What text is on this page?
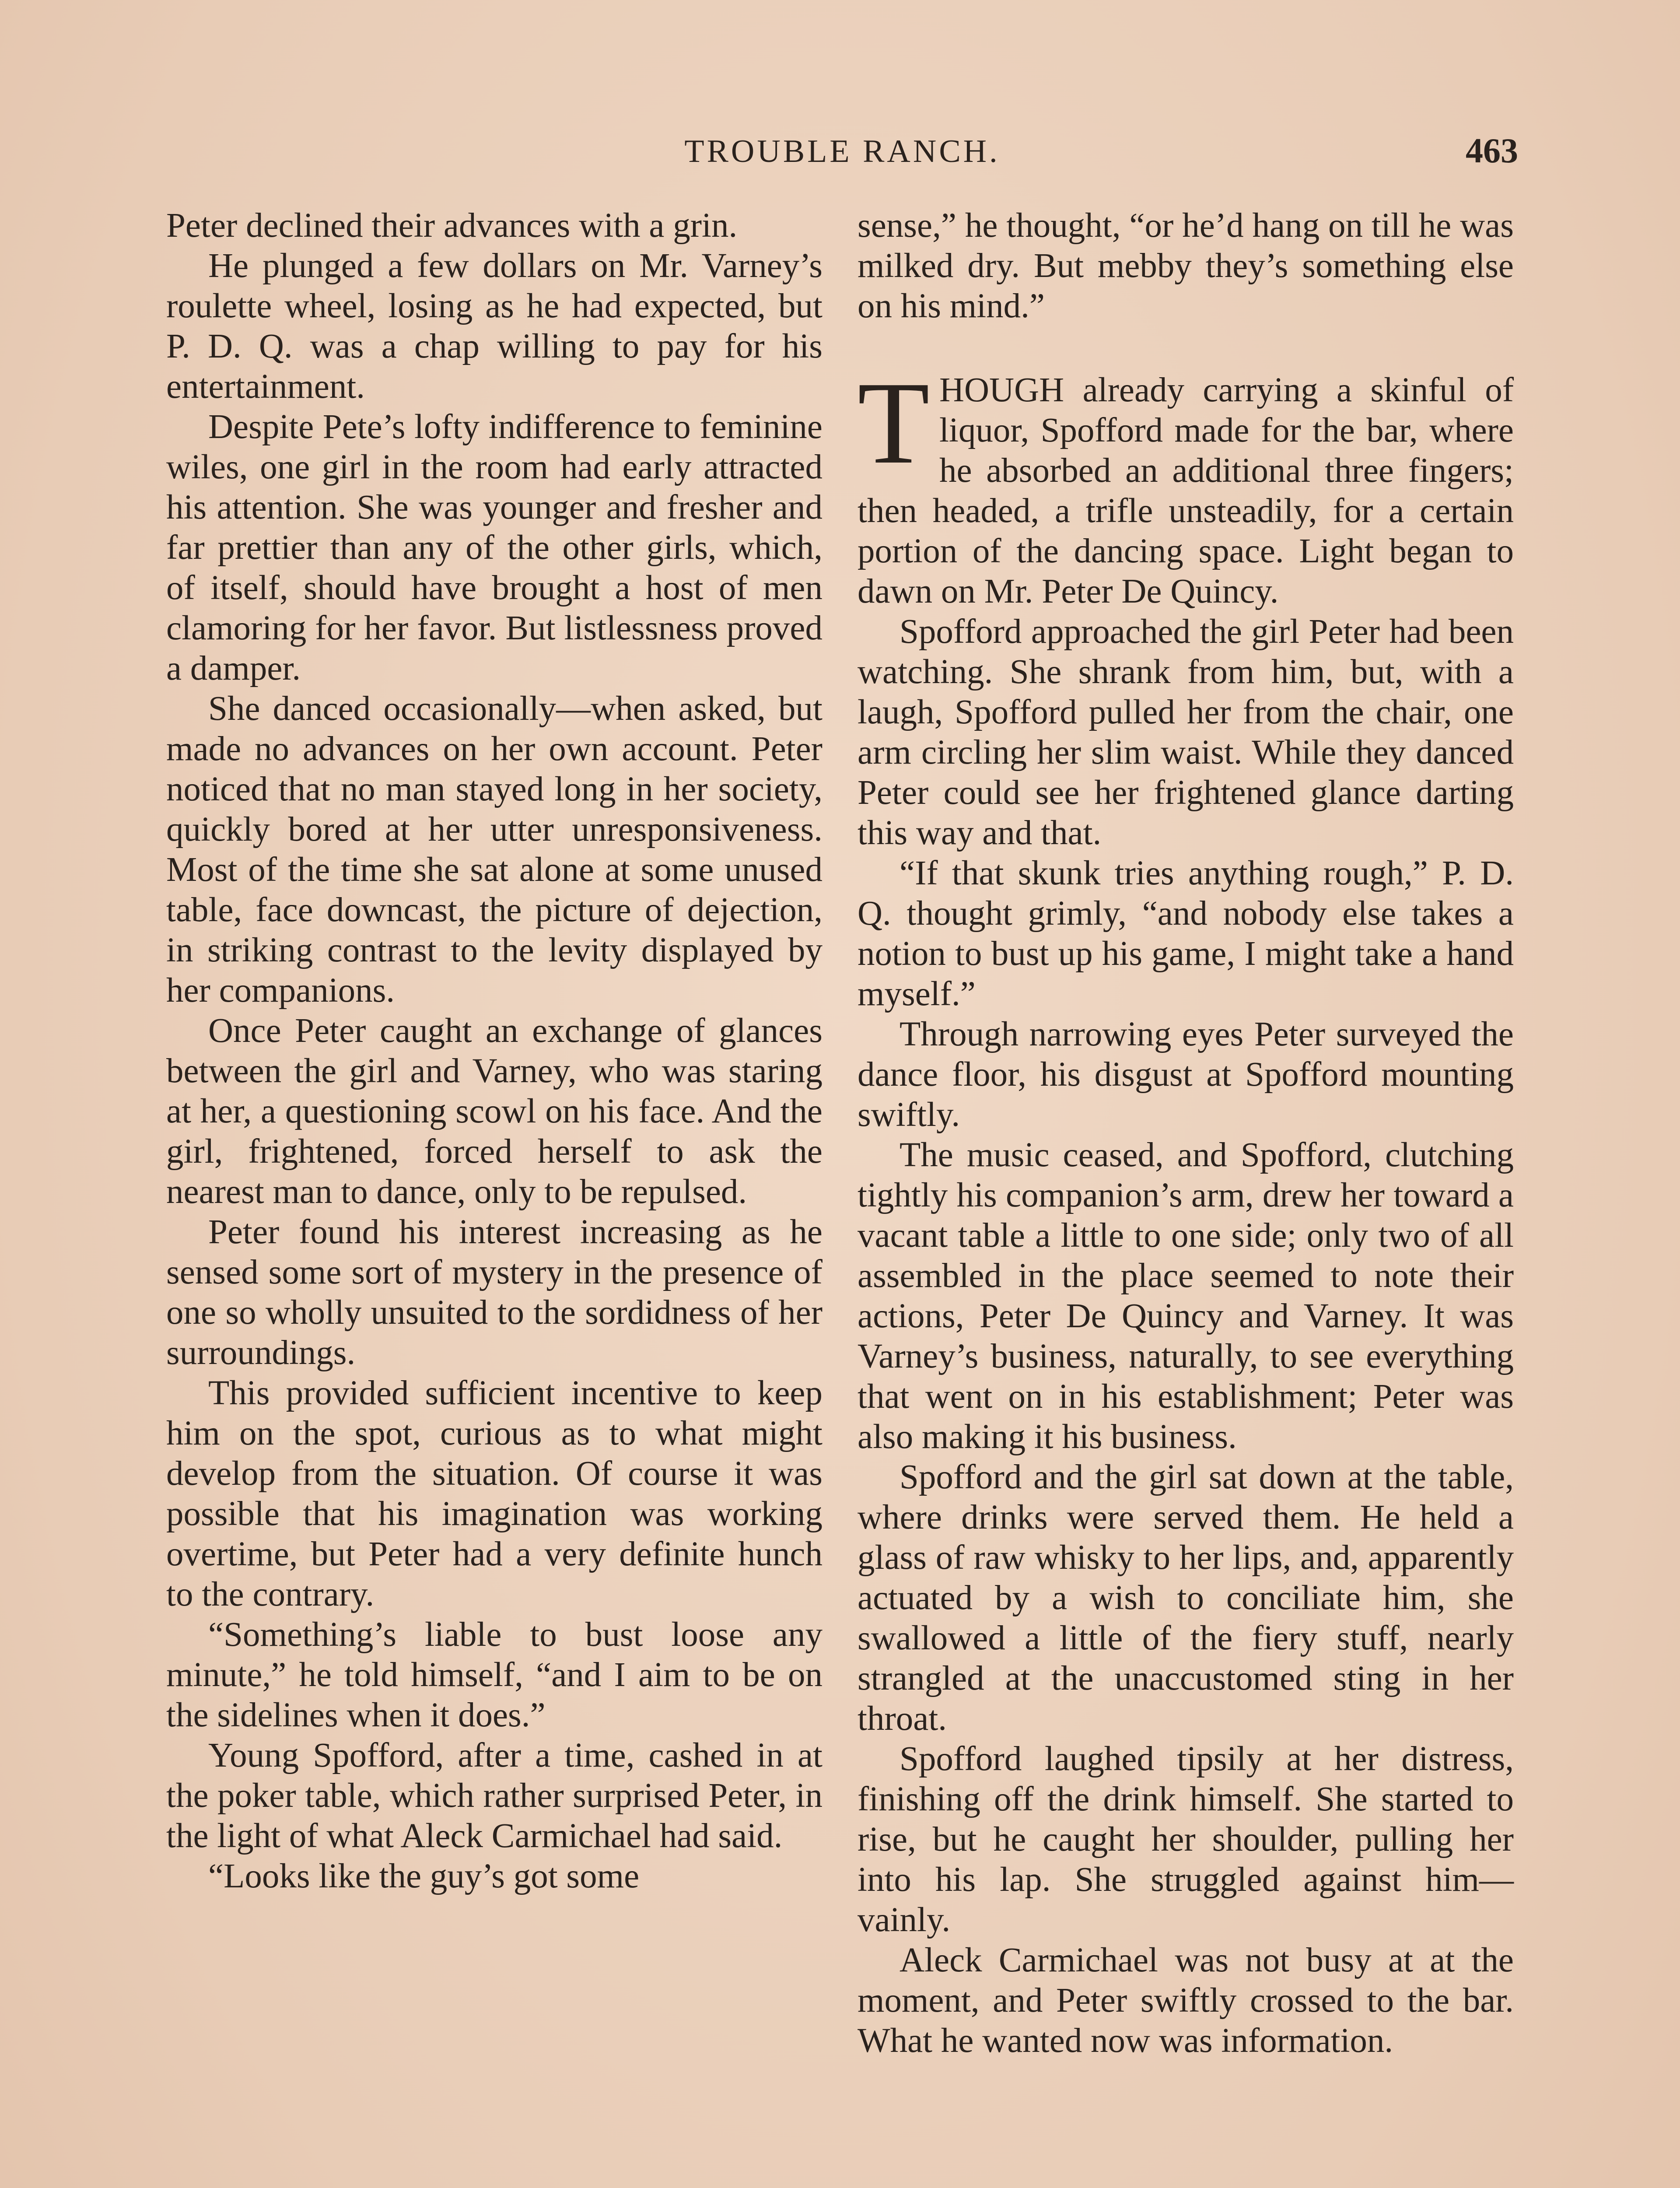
TROUBLE RANCH.	463

Peter declined their advances with a grin.

He plunged a few dollars on Mr. Varney’s roulette wheel, losing as he had expected, but P. D. Q. was a chap willing to pay for his entertainment.

Despite Pete’s lofty indifference to feminine wiles, one girl in the room had early attracted his attention. She was younger and fresher and far prettier than any of the other girls, which, of itself, should have brought a host of men clamoring for her favor. But listlessness proved a damper.

She danced occasionally—when asked, but made no advances on her own account. Peter noticed that no man stayed long in her society, quickly bored at her utter unresponsiveness. Most of the time she sat alone at some unused table, face downcast, the picture of dejection, in striking contrast to the levity displayed by her companions.

Once Peter caught an exchange of glances between the girl and Varney, who was staring at her, a questioning scowl on his face. And the girl, frightened, forced herself to ask the nearest man to dance, only to be repulsed.

Peter found his interest increasing as he sensed some sort of mystery in the presence of one so wholly unsuited to the sordidness of her surroundings.

This provided sufficient incentive to keep him on the spot, curious as to what might develop from the situation. Of course it was possible that his imagination was working overtime, but Peter had a very definite hunch to the contrary.

“Something’s liable to bust loose any minute,” he told himself, “and I aim to be on the sidelines when it does.”

Young Spofford, after a time, cashed in at the poker table, which rather surprised Peter, in the light of what Aleck Carmichael had said.

“Looks like the guy’s got some

sense,” he thought, “or he’d hang on till he was milked dry. But mebby they’s something else on his mind.”

THOUGH already carrying a skinful of liquor, Spofford made for the bar, where he absorbed an additional three fingers; then headed, a trifle unsteadily, for a certain portion of the dancing space. Light began to dawn on Mr. Peter De Quincy.

Spofford approached the girl Peter had been watching. She shrank from him, but, with a laugh, Spofford pulled her from the chair, one arm circling her slim waist. While they danced Peter could see her frightened glance darting this way and that.

“If that skunk tries anything rough,” P. D. Q. thought grimly, “and nobody else takes a notion to bust up his game, I might take a hand myself.”

Through narrowing eyes Peter surveyed the dance floor, his disgust at Spofford mounting swiftly.

The music ceased, and Spofford, clutching tightly his companion’s arm, drew her toward a vacant table a little to one side; only two of all assembled in the place seemed to note their actions, Peter De Quincy and Varney. It was Varney’s business, naturally, to see everything that went on in his establishment; Peter was also making it his business.

Spofford and the girl sat down at the table, where drinks were served them. He held a glass of raw whisky to her lips, and, apparently actuated by a wish to conciliate him, she swallowed a little of the fiery stuff, nearly strangled at the unaccustomed sting in her throat.

Spofford laughed tipsily at her distress, finishing off the drink himself. She started to rise, but he caught her shoulder, pulling her into his lap. She struggled against him—vainly.

Aleck Carmichael was not busy at at the moment, and Peter swiftly crossed to the bar. What he wanted now was information.
